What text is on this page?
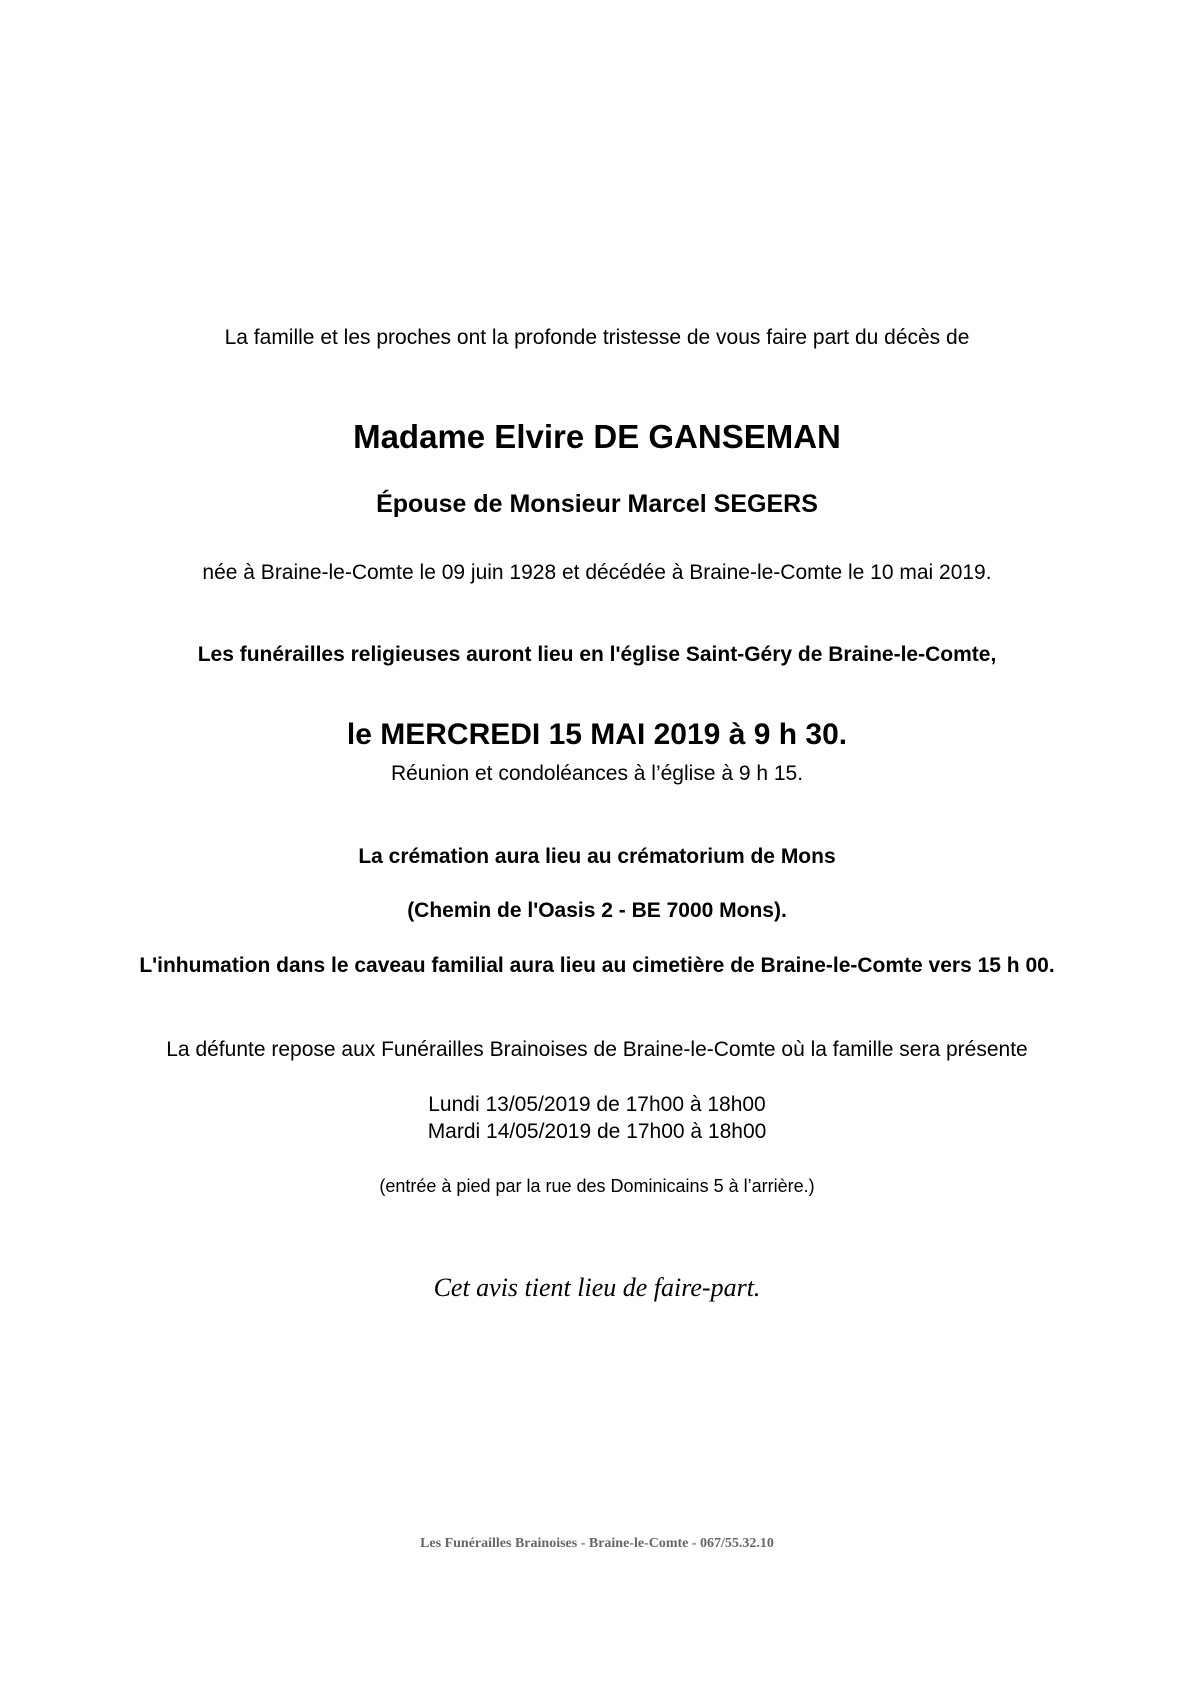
La famille et les proches ont la profonde tristesse de vous faire part du décès de

Madame Elvire DE GANSEMAN

Épouse de Monsieur Marcel SEGERS

née à Braine-le-Comte le 09 juin 1928 et décédée à Braine-le-Comte le 10 mai 2019.

Les funérailles religieuses auront lieu en l'église Saint-Géry de Braine-le-Comte,

le MERCREDI 15 MAI 2019 à 9 h 30.

Réunion et condoléances à l’église à 9 h 15.

La crémation aura lieu au crématorium de Mons

(Chemin de l'Oasis 2 - BE 7000 Mons).

L'inhumation dans le caveau familial aura lieu au cimetière de Braine-le-Comte vers 15 h 00.

La défunte repose aux Funérailles Brainoises de Braine-le-Comte où la famille sera présente

Lundi 13/05/2019 de 17h00 à 18h00

Mardi 14/05/2019 de 17h00 à 18h00

(entrée à pied par la rue des Dominicains 5 à l’arrière.)

Cet avis tient lieu de faire-part.

Les Funérailles Brainoises - Braine-le-Comte - 067/55.32.10
